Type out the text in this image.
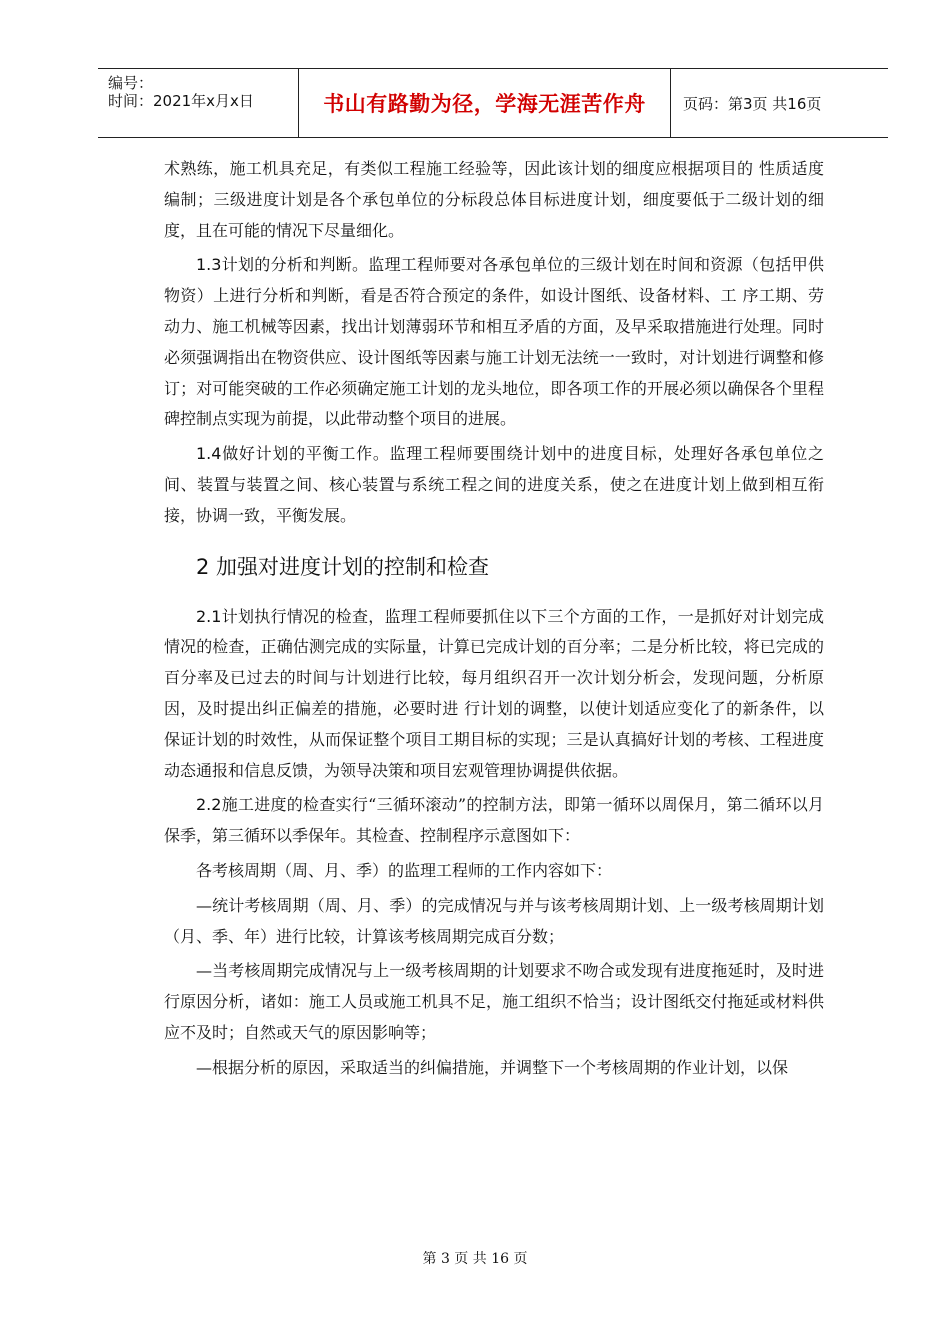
编号：
时间：2021年x月x日	书山有路勤为径，学海无涯苦作舟 页码：第3页 共16页

术熟练，施工机具充足，有类似工程施工经验等，因此该计划的细度应根据项目的 性质适度编制；三级进度计划是各个承包单位的分标段总体目标进度计划，细度要低于二级计划的细度，且在可能的情况下尽量细化。

1.3计划的分析和判断。监理工程师要对各承包单位的三级计划在时间和资源（包括甲供物资）上进行分析和判断，看是否符合预定的条件，如设计图纸、设备材料、工 序工期、劳动力、施工机械等因素，找出计划薄弱环节和相互矛盾的方面，及早采取措施进行处理。同时必须强调指出在物资供应、设计图纸等因素与施工计划无法统一一致时，对计划进行调整和修订；对可能突破的工作必须确定施工计划的龙头地位，即各项工作的开展必须以确保各个里程碑控制点实现为前提，以此带动整个项目的进展。

1.4做好计划的平衡工作。监理工程师要围绕计划中的进度目标，处理好各承包单位之间、装置与装置之间、核心装置与系统工程之间的进度关系，使之在进度计划上做到相互衔接，协调一致，平衡发展。

2 加强对进度计划的控制和检查

2.1计划执行情况的检查，监理工程师要抓住以下三个方面的工作，一是抓好对计划完成情况的检查，正确估测完成的实际量，计算已完成计划的百分率；二是分析比较，将已完成的百分率及已过去的时间与计划进行比较，每月组织召开一次计划分析会，发现问题，分析原因，及时提出纠正偏差的措施，必要时进 行计划的调整，以使计划适应变化了的新条件，以保证计划的时效性，从而保证整个项目工期目标的实现；三是认真搞好计划的考核、工程进度动态通报和信息反馈，为领导决策和项目宏观管理协调提供依据。

2.2施工进度的检查实行“三循环滚动”的控制方法，即第一循环以周保月，第二循环以月保季，第三循环以季保年。其检查、控制程序示意图如下：

各考核周期（周、月、季）的监理工程师的工作内容如下：

—统计考核周期（周、月、季）的完成情况与并与该考核周期计划、上一级考核周期计划（月、季、年）进行比较，计算该考核周期完成百分数；

—当考核周期完成情况与上一级考核周期的计划要求不吻合或发现有进度拖延时，及时进行原因分析，诸如：施工人员或施工机具不足，施工组织不恰当；设计图纸交付拖延或材料供应不及时；自然或天气的原因影响等；

—根据分析的原因，采取适当的纠偏措施，并调整下一个考核周期的作业计划，以保

第 3 页 共 16 页
